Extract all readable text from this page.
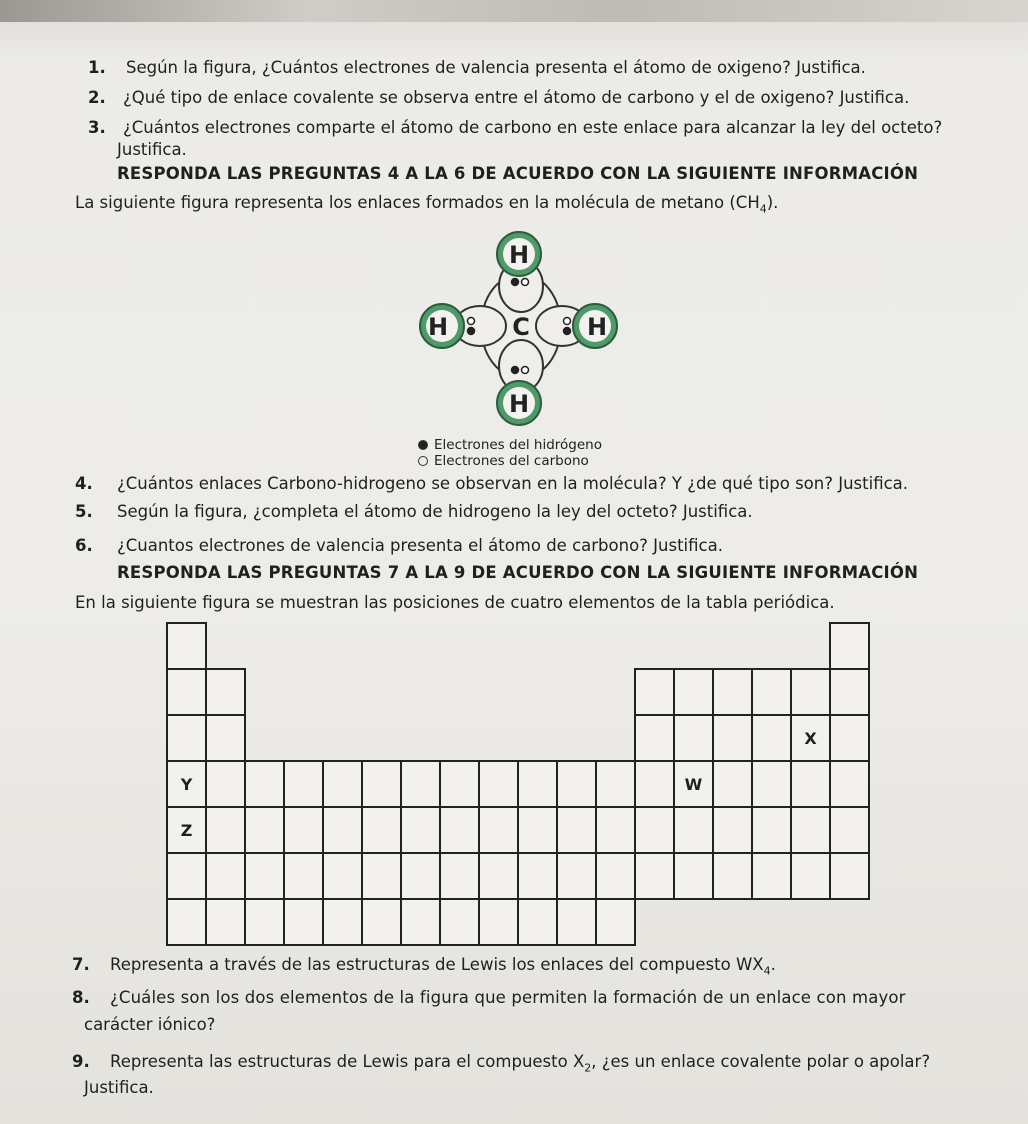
1. Según la figura, ¿Cuántos electrones de valencia presenta el átomo de oxigeno? Justifica.
2. ¿Qué tipo de enlace covalente se observa entre el átomo de carbono y el de oxigeno? Justifica.
3. ¿Cuántos electrones comparte el átomo de carbono en este enlace para alcanzar la ley del octeto?
Justifica.
RESPONDA LAS PREGUNTAS 4 A LA 6 DE ACUERDO CON LA SIGUIENTE INFORMACIÓN
La siguiente figura representa los enlaces formados en la molécula de metano $(CH_4)$.
H
H
H	H
C
Electrones del hidrógeno
Electrones del carbono
4. ¿Cuántos enlaces Carbono-hidrogeno se observan en la molécula? Y ¿de qué tipo son? Justifica.
5. Según la figura, ¿completa el átomo de hidrogeno la ley del octeto? Justifica.
6. ¿Cuantos electrones de valencia presenta el átomo de carbono? Justifica.
RESPONDA LAS PREGUNTAS 7 A LA 9 DE ACUERDO CON LA SIGUIENTE INFORMACIÓN
En la siguiente figura se muestran las posiciones de cuatro elementos de la tabla periódica.
X
Y	W
Z
7. Representa a través de las estructuras de Lewis los enlaces del compuesto $WX_4$.
8. ¿Cuáles son los dos elementos de la figura que permiten la formación de un enlace con mayor
carácter iónico?
9. Representa las estructuras de Lewis para el compuesto $X_2$, ¿es un enlace covalente polar o apolar?
Justifica.
